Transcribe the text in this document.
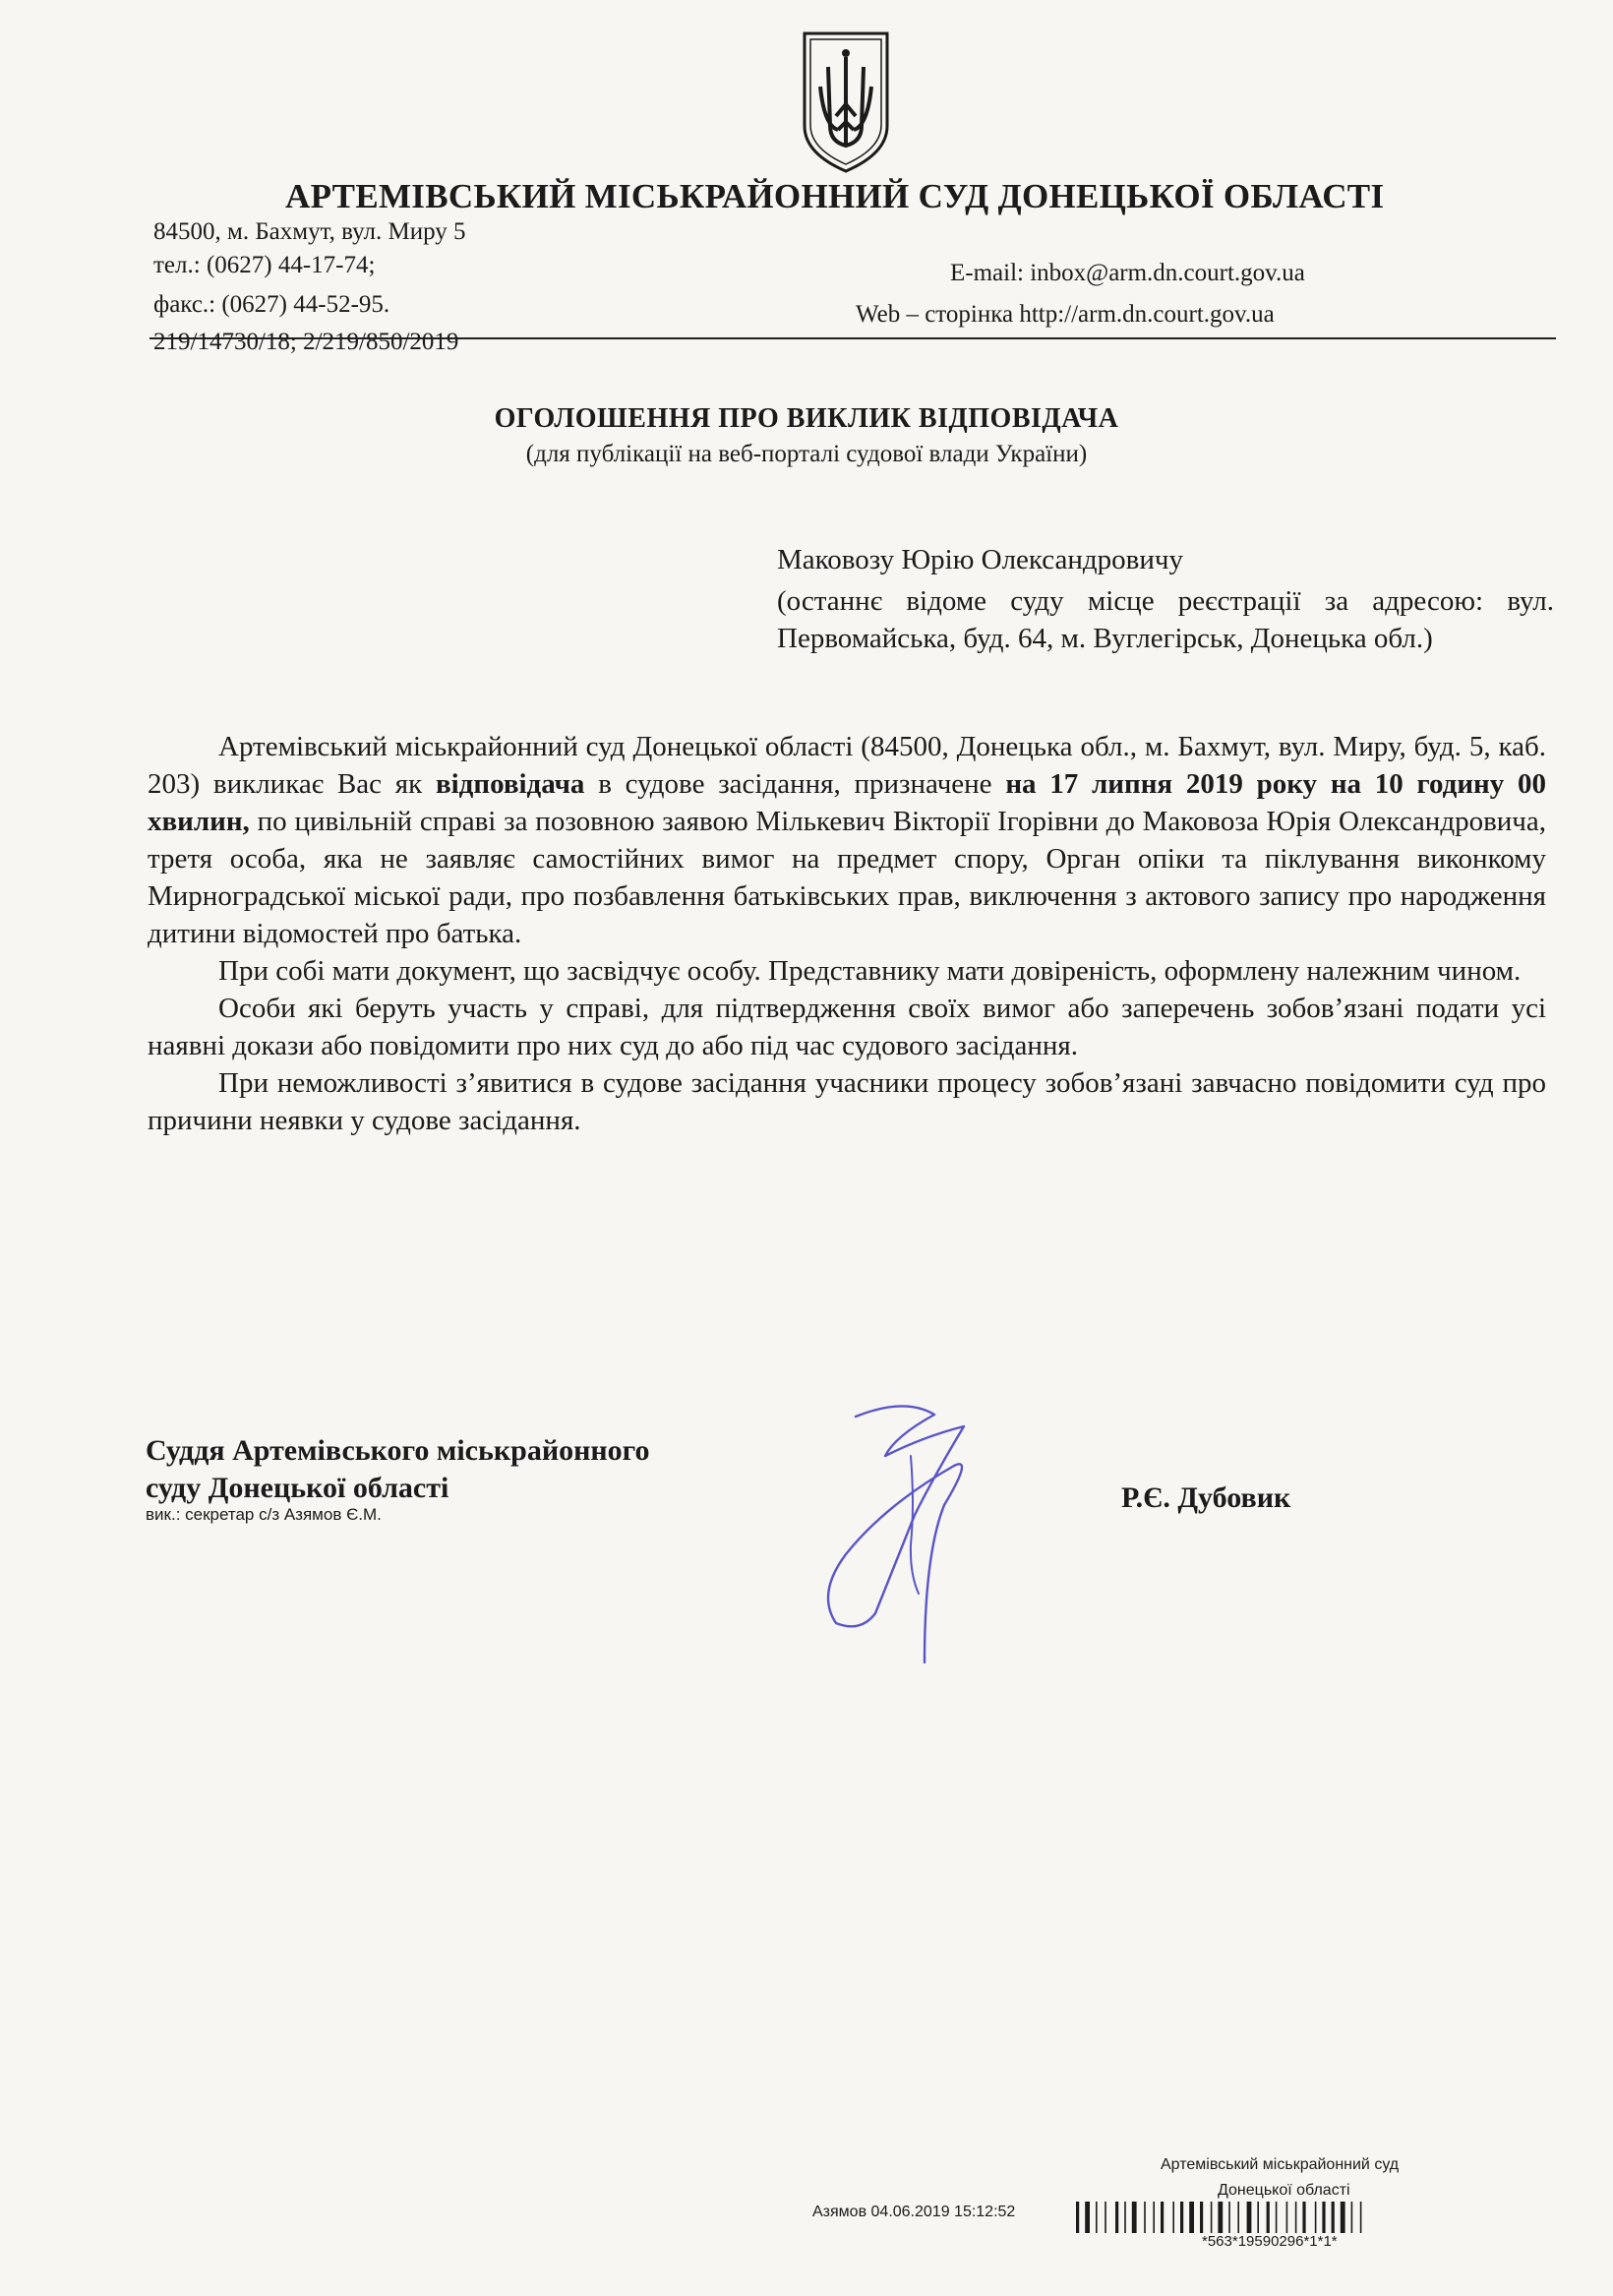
АРТЕМІВСЬКИЙ МІСЬКРАЙОННИЙ СУД ДОНЕЦЬКОЇ ОБЛАСТІ
84500, м. Бахмут, вул. Миру 5
тел.: (0627) 44-17-74;
факс.: (0627) 44-52-95.
E-mail: inbox@arm.dn.court.gov.ua
Web – сторінка http://arm.dn.court.gov.ua
219/14730/18; 2/219/850/2019
ОГОЛОШЕННЯ ПРО ВИКЛИК ВІДПОВІДАЧА
(для публікації на веб-порталі судової влади України)
Маковозу Юрію Олександровичу
(останнє відоме суду місце реєстрації за адресою: вул. Первомайська, буд. 64, м. Вуглегірськ, Донецька обл.)

Артемівський міськрайонний суд Донецької області (84500, Донецька обл., м. Бахмут, вул. Миру, буд. 5, каб. 203) викликає Вас як відповідача в судове засідання, призначене на 17 липня 2019 року на 10 годину 00 хвилин, по цивільній справі за позовною заявою Мількевич Вікторії Ігорівни до Маковоза Юрія Олександровича, третя особа, яка не заявляє самостійних вимог на предмет спору, Орган опіки та піклування виконкому Мирноградської міської ради, про позбавлення батьківських прав, виключення з актового запису про народження дитини відомостей про батька.

При собі мати документ, що засвідчує особу. Представнику мати довіреність, оформлену належним чином.

Особи які беруть участь у справі, для підтвердження своїх вимог або заперечень зобов’язані подати усі наявні докази або повідомити про них суд до або під час судового засідання.

При неможливості з’явитися в судове засідання учасники процесу зобов’язані завчасно повідомити суд про причини неявки у судове засідання.

Суддя Артемівського міськрайонного
суду Донецької області
вик.: секретар с/з Азямов Є.М.
Р.Є. Дубовик
Артемівський міськрайонний суд
Донецької області
Азямов 04.06.2019 15:12:52
*563*19590296*1*1*
